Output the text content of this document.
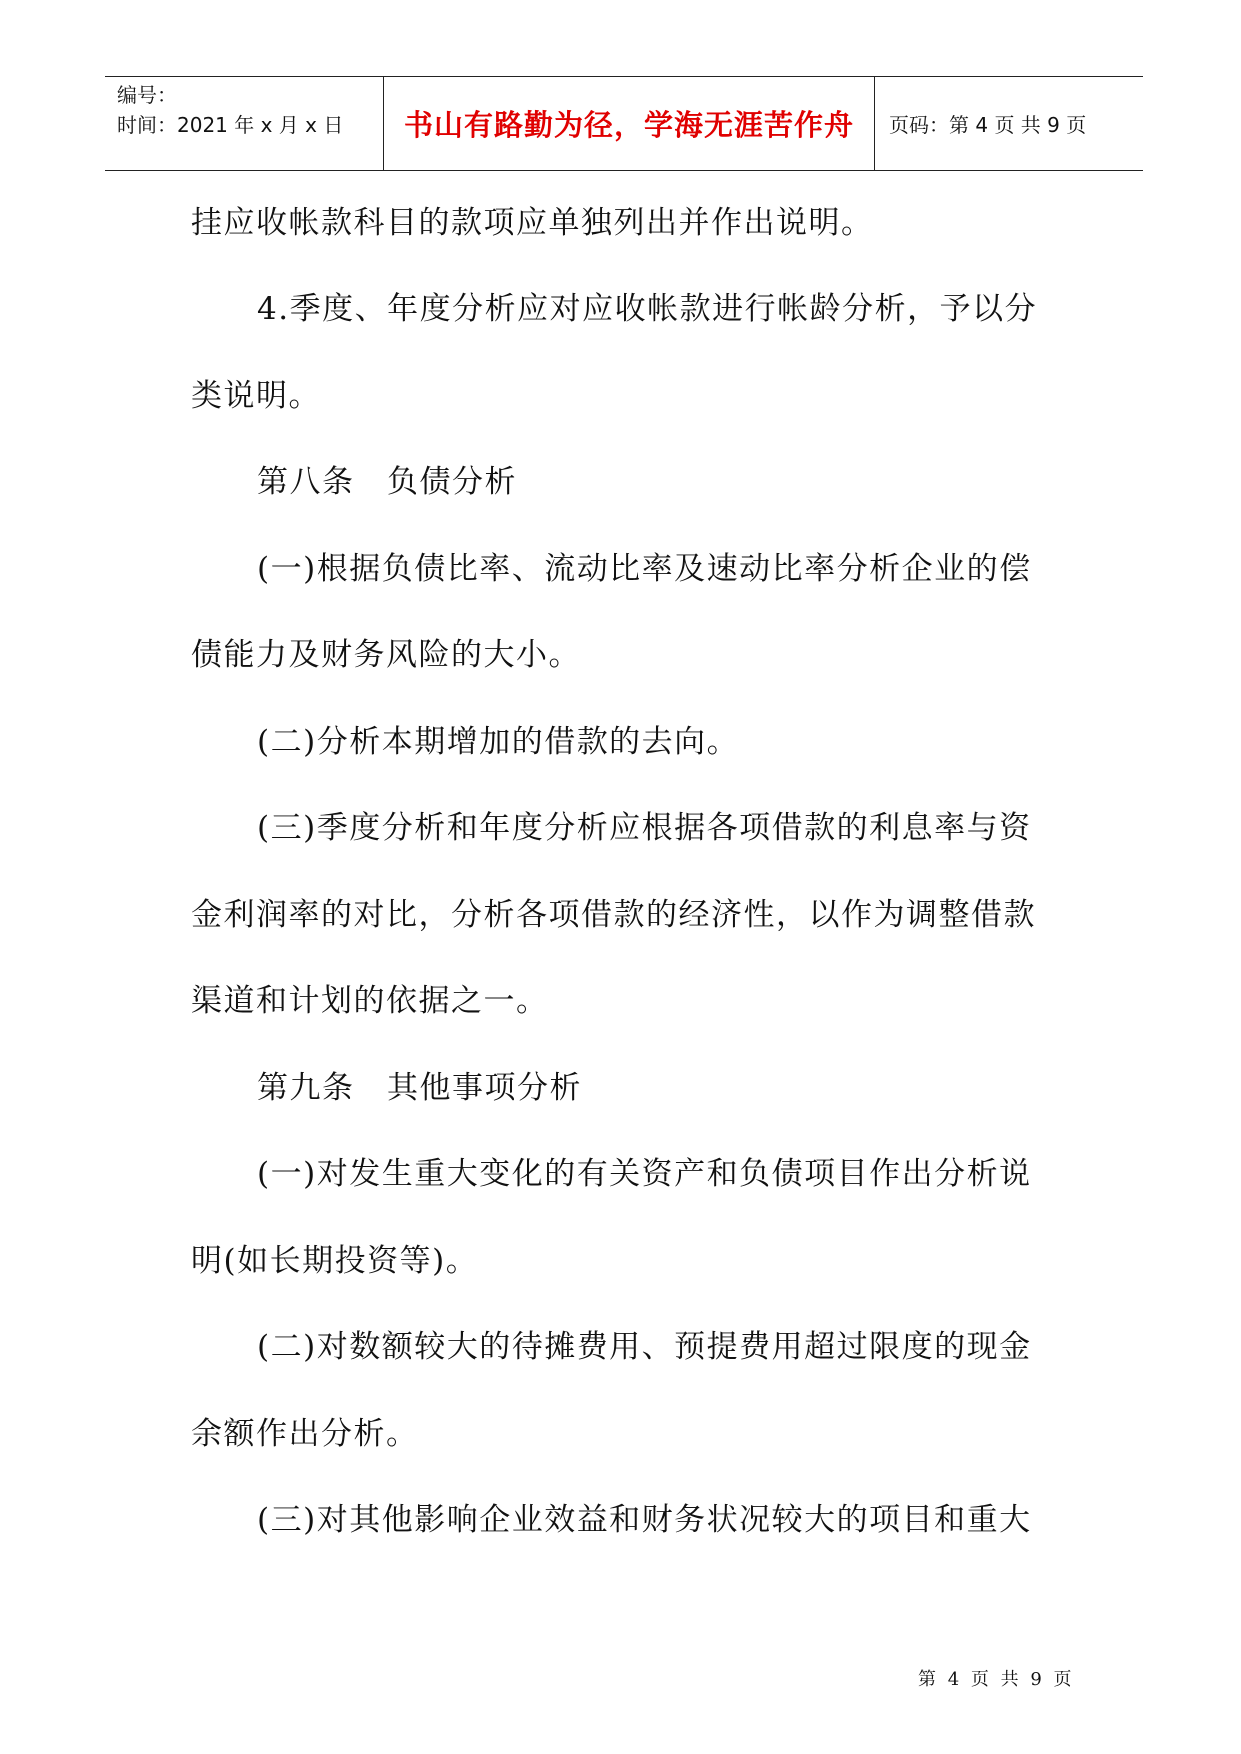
编号：
时间：2021 年 x 月 x 日	书山有路勤为径，学海无涯苦作舟	页码：第 4 页 共 9 页
挂应收帐款科目的款项应单独列出并作出说明。
4.季度、年度分析应对应收帐款进行帐龄分析，予以分
类说明。
第八条　负债分析
(一)根据负债比率、流动比率及速动比率分析企业的偿
债能力及财务风险的大小。
(二)分析本期增加的借款的去向。
(三)季度分析和年度分析应根据各项借款的利息率与资
金利润率的对比，分析各项借款的经济性，以作为调整借款
渠道和计划的依据之一。
第九条　其他事项分析
(一)对发生重大变化的有关资产和负债项目作出分析说
明(如长期投资等)。
(二)对数额较大的待摊费用、预提费用超过限度的现金
余额作出分析。
(三)对其他影响企业效益和财务状况较大的项目和重大
第 4 页 共 9 页
